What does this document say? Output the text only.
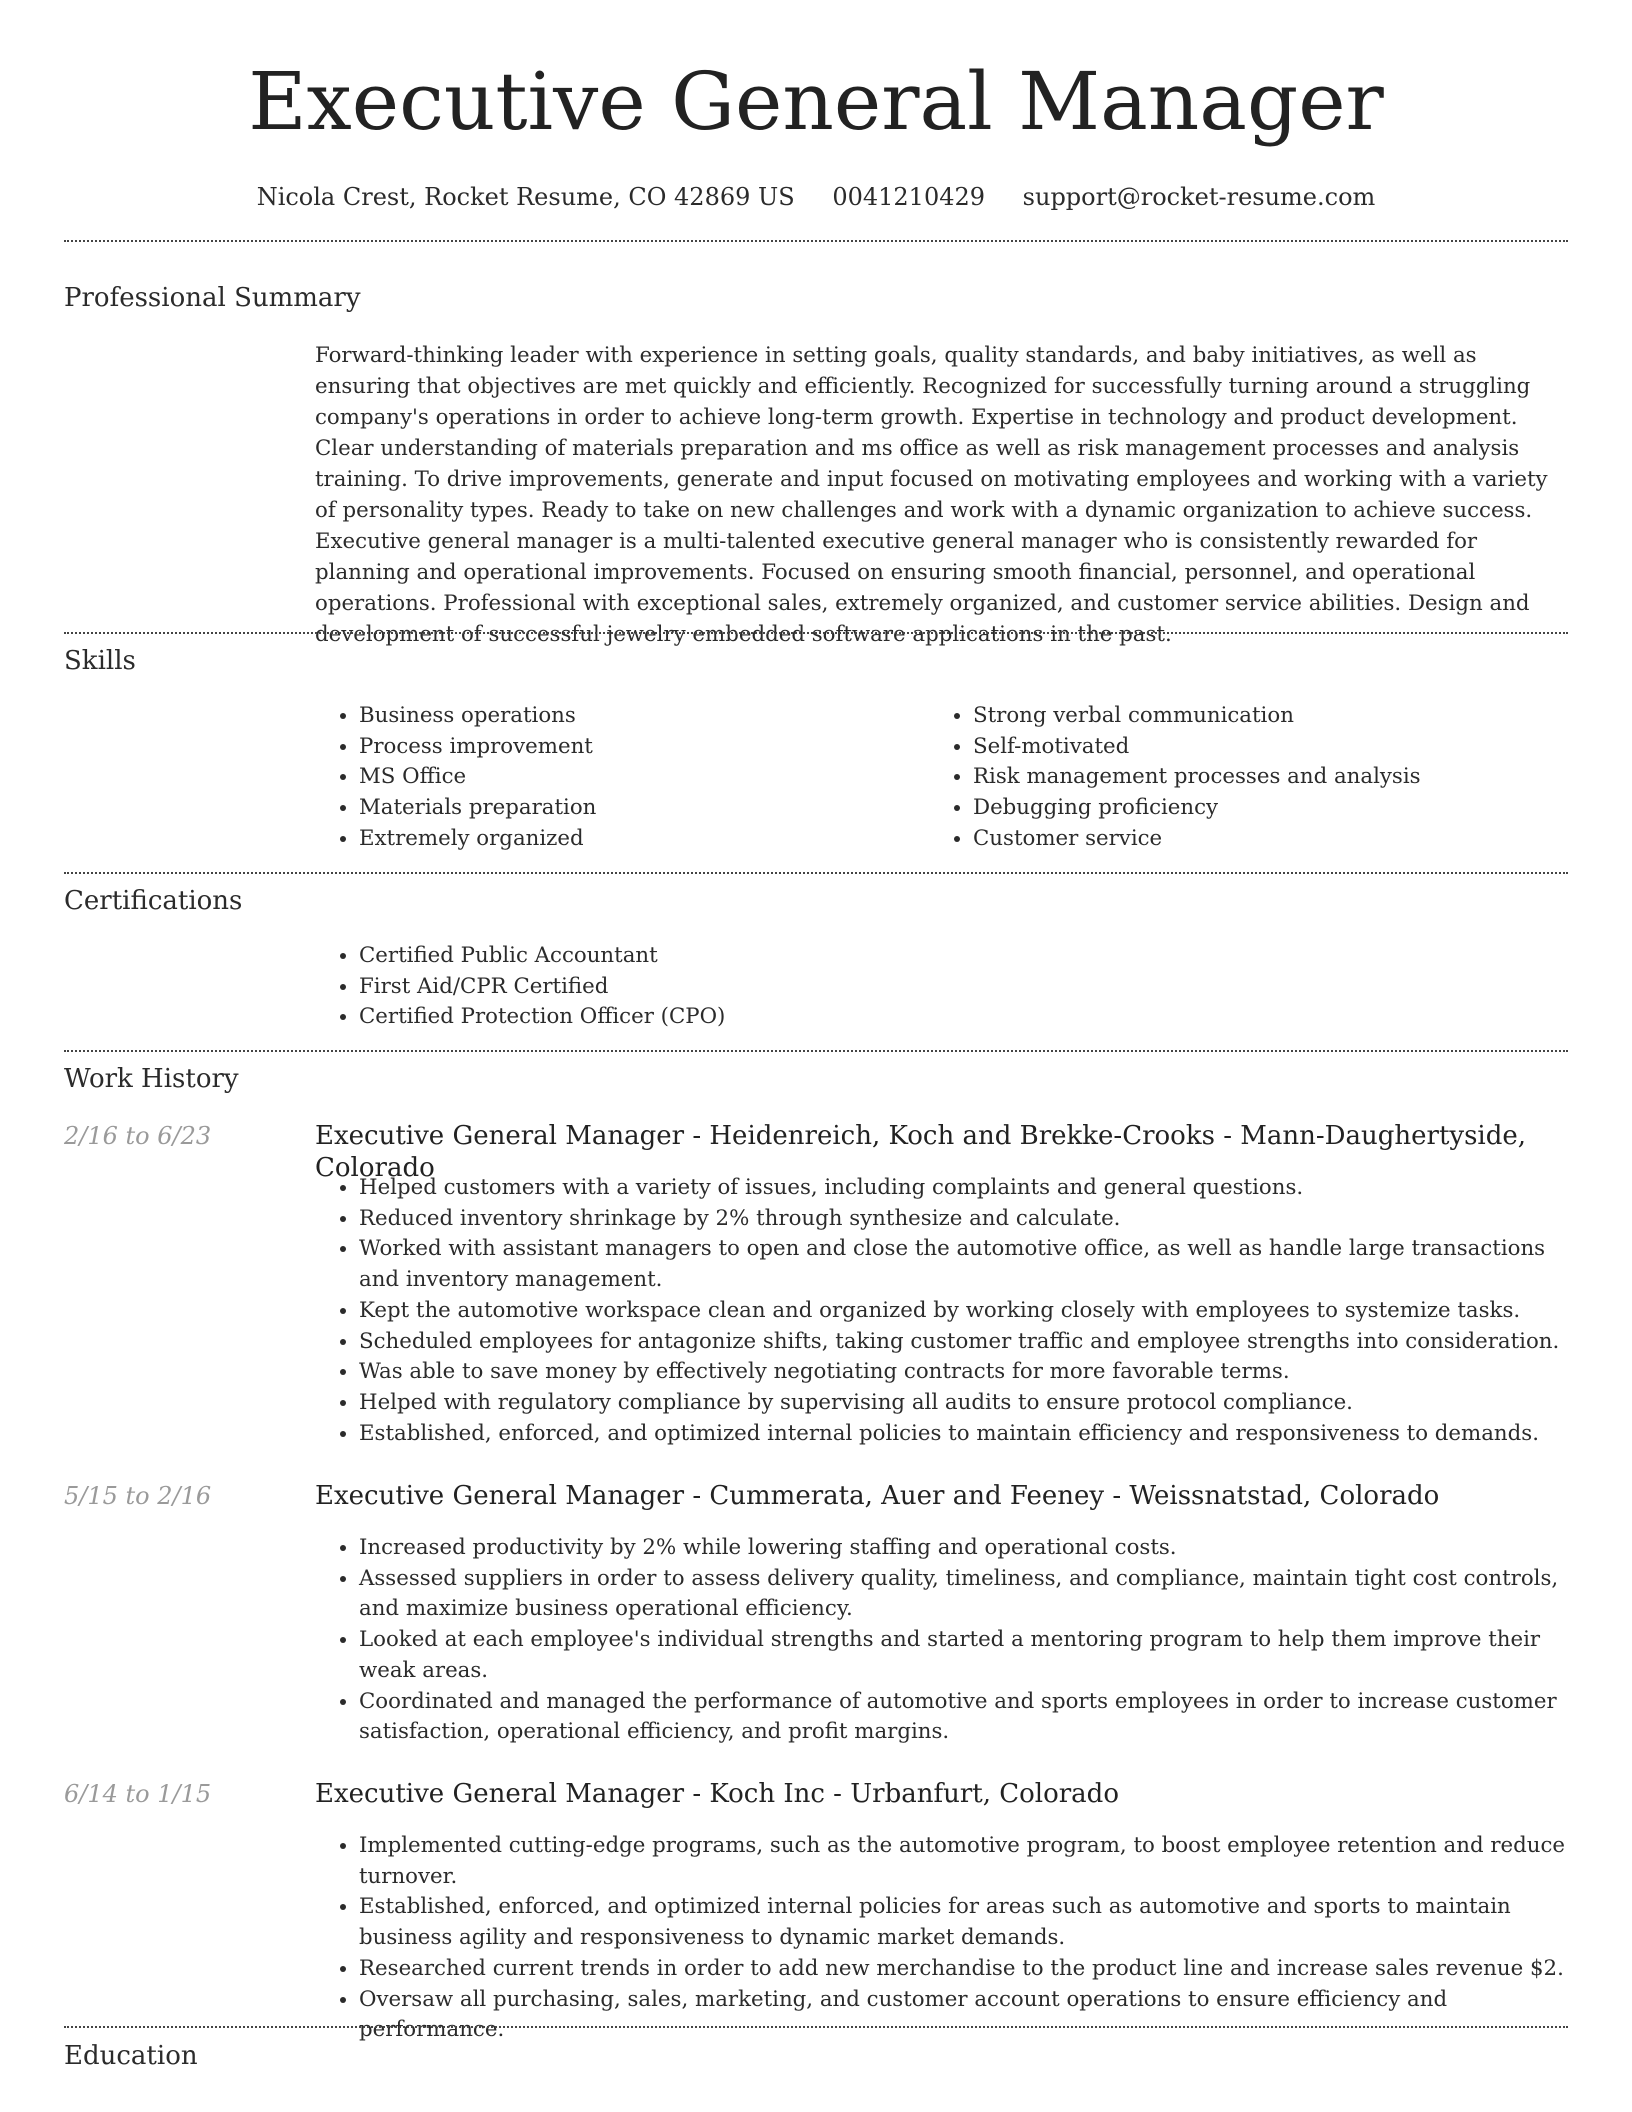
Executive General Manager
Nicola Crest, Rocket Resume, CO 42869 US 0041210429 support@rocket-resume.com
Professional Summary

Forward-thinking leader with experience in setting goals, quality standards, and baby initiatives, as well as ensuring that objectives are met quickly and efficiently. Recognized for successfully turning around a struggling company's operations in order to achieve long-term growth. Expertise in technology and product development. Clear understanding of materials preparation and ms office as well as risk management processes and analysis training. To drive improvements, generate and input focused on motivating employees and working with a variety of personality types. Ready to take on new challenges and work with a dynamic organization to achieve success. Executive general manager is a multi-talented executive general manager who is consistently rewarded for planning and operational improvements. Focused on ensuring smooth financial, personnel, and operational operations. Professional with exceptional sales, extremely organized, and customer service abilities. Design and development of successful jewelry embedded software applications in the past.

Skills
• Business operations
• Process improvement
• MS Office
• Materials preparation
• Extremely organized
• Strong verbal communication
• Self-motivated
• Risk management processes and analysis
• Debugging proficiency
• Customer service
Certifications
• Certified Public Accountant
• First Aid/CPR Certified
• Certified Protection Officer (CPO)
Work History
2/16 to 6/23	Executive General Manager - Heidenreich, Koch and Brekke-Crooks - Mann-Daughertyside, Colorado
• Helped customers with a variety of issues, including complaints and general questions.
• Reduced inventory shrinkage by 2% through synthesize and calculate.
• Worked with assistant managers to open and close the automotive office, as well as handle large transactions and inventory management.
• Kept the automotive workspace clean and organized by working closely with employees to systemize tasks.
• Scheduled employees for antagonize shifts, taking customer traffic and employee strengths into consideration.
• Was able to save money by effectively negotiating contracts for more favorable terms.
• Helped with regulatory compliance by supervising all audits to ensure protocol compliance.
• Established, enforced, and optimized internal policies to maintain efficiency and responsiveness to demands.
5/15 to 2/16	Executive General Manager - Cummerata, Auer and Feeney - Weissnatstad, Colorado
• Increased productivity by 2% while lowering staffing and operational costs.
• Assessed suppliers in order to assess delivery quality, timeliness, and compliance, maintain tight cost controls, and maximize business operational efficiency.
• Looked at each employee's individual strengths and started a mentoring program to help them improve their weak areas.
• Coordinated and managed the performance of automotive and sports employees in order to increase customer satisfaction, operational efficiency, and profit margins.
6/14 to 1/15	Executive General Manager - Koch Inc - Urbanfurt, Colorado
• Implemented cutting-edge programs, such as the automotive program, to boost employee retention and reduce turnover.
• Established, enforced, and optimized internal policies for areas such as automotive and sports to maintain business agility and responsiveness to dynamic market demands.
• Researched current trends in order to add new merchandise to the product line and increase sales revenue $2.
• Oversaw all purchasing, sales, marketing, and customer account operations to ensure efficiency and performance.
Education
